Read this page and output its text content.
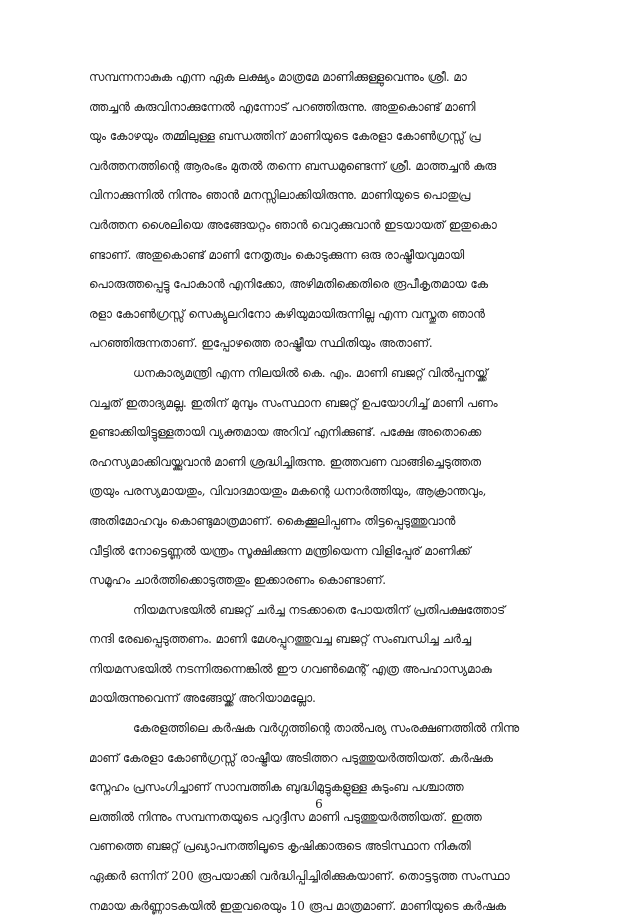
സമ്പന്നനാകുക എന്ന ഏക ലക്ഷ്യം മാത്രമേ മാണിക്കുള്ളുവെന്നും ശ്രീ. മാ
ത്തച്ചൻ കുരുവിനാക്കുന്നേൽ എന്നോട് പറഞ്ഞിരുന്നു. അതുകൊണ്ട് മാണി
യും കോഴയും തമ്മിലുള്ള ബന്ധത്തിന് മാണിയുടെ കേരളാ കോൺഗ്രസ്സ് പ്ര
വർത്തനത്തിന്റെ ആരംഭം മുതൽ തന്നെ ബന്ധമുണ്ടെന്ന് ശ്രീ. മാത്തച്ചൻ കുരു
വിനാക്കുന്നിൽ നിന്നും ഞാൻ മനസ്സിലാക്കിയിരുന്നു. മാണിയുടെ പൊതുപ്ര
വർത്തന ശൈലിയെ അങ്ങേയറ്റം ഞാൻ വെറുക്കുവാൻ ഇടയായത് ഇതുകൊ
ണ്ടാണ്. അതുകൊണ്ട് മാണി നേതൃത്വം കൊടുക്കുന്ന ഒരു രാഷ്ട്രീയവുമായി
പൊരുത്തപ്പെട്ടു പോകാൻ എനിക്കോ, അഴിമതിക്കെതിരെ രൂപീകൃതമായ കേ
രളാ കോൺഗ്രസ്സ് സെക്യുലറിനോ കഴിയുമായിരുന്നില്ല എന്ന വസ്തുത ഞാൻ
പറഞ്ഞിരുന്നതാണ്. ഇപ്പോഴത്തെ രാഷ്ട്രീയ സ്ഥിതിയും അതാണ്.
ധനകാര്യമന്ത്രി എന്ന നിലയിൽ കെ. എം. മാണി ബജറ്റ് വിൽപ്പനയ്ക്ക്
വച്ചത് ഇതാദ്യമല്ല. ഇതിന് മുമ്പും സംസ്ഥാന ബജറ്റ് ഉപയോഗിച്ച് മാണി പണം
ഉണ്ടാക്കിയിട്ടുള്ളതായി വ്യക്തമായ അറിവ് എനിക്കുണ്ട്. പക്ഷേ അതൊക്കെ
രഹസ്യമാക്കിവയ്ക്കുവാൻ മാണി ശ്രദ്ധിച്ചിരുന്നു. ഇത്തവണ വാങ്ങിച്ചെടുത്തത
ത്രയും പരസ്യമായതും, വിവാദമായതും മകന്റെ ധനാർത്തിയും, ആക്രാന്തവും,
അതിമോഹവും കൊണ്ടുമാത്രമാണ്. കൈക്കൂലിപ്പണം തിട്ടപ്പെടുത്തുവാൻ
വീട്ടിൽ നോട്ടെണ്ണൽ യന്ത്രം സൂക്ഷിക്കുന്ന മന്ത്രിയെന്ന വിളിപ്പേര് മാണിക്ക്
സമൂഹം ചാർത്തിക്കൊടുത്തതും ഇക്കാരണം കൊണ്ടാണ്.
നിയമസഭയിൽ ബജറ്റ് ചർച്ച നടക്കാതെ പോയതിന് പ്രതിപക്ഷത്തോട്
നന്ദി രേഖപ്പെടുത്തണം. മാണി മേശപ്പുറത്തുവച്ച ബജറ്റ് സംബന്ധിച്ച ചർച്ച
നിയമസഭയിൽ നടന്നിരുന്നെങ്കിൽ ഈ ഗവൺമെന്റ് എത്ര അപഹാസ്യമാകു
മായിരുന്നുവെന്ന് അങ്ങേയ്ക്ക് അറിയാമല്ലോ.
കേരളത്തിലെ കർഷക വർഗ്ഗത്തിന്റെ താൽപര്യ സംരക്ഷണത്തിൽ നിന്നു
മാണ് കേരളാ കോൺഗ്രസ്സ് രാഷ്ട്രീയ അടിത്തറ പടുത്തുയർത്തിയത്. കർഷക
സ്നേഹം പ്രസംഗിച്ചാണ് സാമ്പത്തിക ബുദ്ധിമുട്ടുകളുള്ള കുടുംബ പശ്ചാത്ത
ലത്തിൽ നിന്നും സമ്പന്നതയുടെ പറുദ്ദീസ മാണി പടുത്തുയർത്തിയത്. ഇത്ത
വണത്തെ ബജറ്റ് പ്രഖ്യാപനത്തിലൂടെ കൃഷിക്കാരുടെ അടിസ്ഥാന നികുതി
ഏക്കർ ഒന്നിന് 200 രൂപയാക്കി വർദ്ധിപ്പിച്ചിരിക്കുകയാണ്. തൊട്ടടുത്ത സംസ്ഥാ
നമായ കർണ്ണാടകയിൽ ഇതുവരെയും 10 രൂപ മാത്രമാണ്. മാണിയുടെ കർഷക
6
